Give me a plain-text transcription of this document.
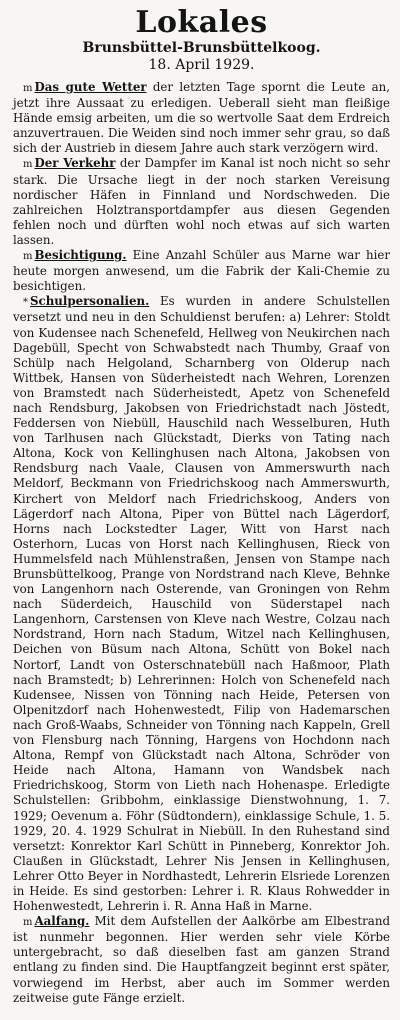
Lokales
Brunsbüttel-Brunsbüttelkoog.
18. April 1929.

m Das gute Wetter der letzten Tage spornt die Leute an, jetzt ihre Aussaat zu erledigen. Ueberall sieht man fleißige Hände emsig arbeiten, um die so wertvolle Saat dem Erdreich anzuvertrauen. Die Weiden sind noch immer sehr grau, so daß sich der Austrieb in diesem Jahre auch stark verzögern wird.

m Der Verkehr der Dampfer im Kanal ist noch nicht so sehr stark. Die Ursache liegt in der noch starken Vereisung nordischer Häfen in Finnland und Nordschweden. Die zahlreichen Holztransportdampfer aus diesen Gegenden fehlen noch und dürften wohl noch etwas auf sich warten lassen.

m Besichtigung. Eine Anzahl Schüler aus Marne war hier heute morgen anwesend, um die Fabrik der Kali-Chemie zu besichtigen.

* Schulpersonalien. Es wurden in andere Schulstellen versetzt und neu in den Schuldienst berufen: a) Lehrer: Stoldt von Kudensee nach Schenefeld, Hellweg von Neukirchen nach Dagebüll, Specht von Schwabstedt nach Thumby, Graaf von Schülp nach Helgoland, Scharnberg von Olderup nach Wittbek, Hansen von Süderheistedt nach Wehren, Lorenzen von Bramstedt nach Süderheistedt, Apetz von Schenefeld nach Rendsburg, Jakobsen von Friedrichstadt nach Jöstedt, Feddersen von Niebüll, Hauschild nach Wesselburen, Huth von Tarlhusen nach Glückstadt, Dierks von Tating nach Altona, Kock von Kellinghusen nach Altona, Jakobsen von Rendsburg nach Vaale, Clausen von Ammerswurth nach Meldorf, Beckmann von Friedrichskoog nach Ammerswurth, Kirchert von Meldorf nach Friedrichskoog, Anders von Lägerdorf nach Altona, Piper von Büttel nach Lägerdorf, Horns nach Lockstedter Lager, Witt von Harst nach Osterhorn, Lucas von Horst nach Kellinghusen, Rieck von Hummelsfeld nach Mühlenstraßen, Jensen von Stampe nach Brunsbüttelkoog, Prange von Nordstrand nach Kleve, Behnke von Langenhorn nach Osterende, van Groningen von Rehm nach Süderdeich, Hauschild von Süderstapel nach Langenhorn, Carstensen von Kleve nach Westre, Colzau nach Nordstrand, Horn nach Stadum, Witzel nach Kellinghusen, Deichen von Büsum nach Altona, Schütt von Bokel nach Nortorf, Landt von Osterschnatebüll nach Haßmoor, Plath nach Bramstedt; b) Lehrerinnen: Holch von Schenefeld nach Kudensee, Nissen von Tönning nach Heide, Petersen von Olpenitzdorf nach Hohenwestedt, Filip von Hademarschen nach Groß-Waabs, Schneider von Tönning nach Kappeln, Grell von Flensburg nach Tönning, Hargens von Hochdonn nach Altona, Rempf von Glückstadt nach Altona, Schröder von Heide nach Altona, Hamann von Wandsbek nach Friedrichskoog, Storm von Lieth nach Hohenaspe. Erledigte Schulstellen: Gribbohm, einklassige Dienstwohnung, 1. 7. 1929; Oevenum a. Föhr (Südtondern), einklassige Schule, 1. 5. 1929, 20. 4. 1929 Schulrat in Niebüll. In den Ruhestand sind versetzt: Konrektor Karl Schütt in Pinneberg, Konrektor Joh. Claußen in Glückstadt, Lehrer Nis Jensen in Kellinghusen, Lehrer Otto Beyer in Nordhastedt, Lehrerin Elsriede Lorenzen in Heide. Es sind gestorben: Lehrer i. R. Klaus Rohwedder in Hohenwestedt, Lehrerin i. R. Anna Haß in Marne.

m Aalfang. Mit dem Aufstellen der Aalkörbe am Elbestrand ist nunmehr begonnen. Hier werden sehr viele Körbe untergebracht, so daß dieselben fast am ganzen Strand entlang zu finden sind. Die Hauptfangzeit beginnt erst später, vorwiegend im Herbst, aber auch im Sommer werden zeitweise gute Fänge erzielt.
